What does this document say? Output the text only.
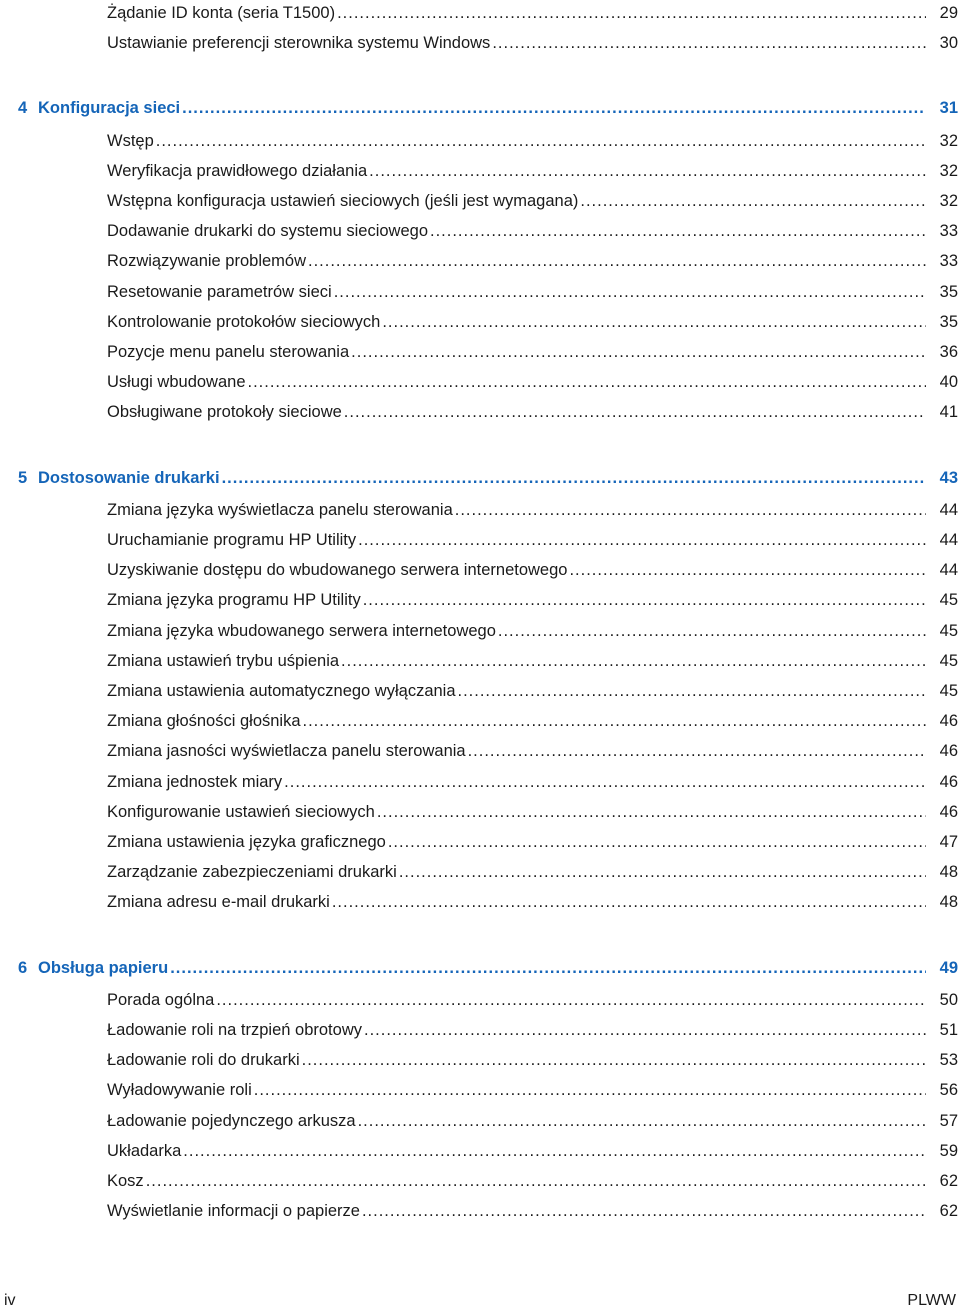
Żądanie ID konta (seria T1500) .....	29
Ustawianie preferencji sterownika systemu Windows .....	30
4 Konfiguracja sieci .....	31
Wstęp .....	32
Weryfikacja prawidłowego działania .....	32
Wstępna konfiguracja ustawień sieciowych (jeśli jest wymagana) .....	32
Dodawanie drukarki do systemu sieciowego .....	33
Rozwiązywanie problemów .....	33
Resetowanie parametrów sieci .....	35
Kontrolowanie protokołów sieciowych .....	35
Pozycje menu panelu sterowania .....	36
Usługi wbudowane .....	40
Obsługiwane protokoły sieciowe .....	41
5 Dostosowanie drukarki .....	43
Zmiana języka wyświetlacza panelu sterowania .....	44
Uruchamianie programu HP Utility .....	44
Uzyskiwanie dostępu do wbudowanego serwera internetowego .....	44
Zmiana języka programu HP Utility .....	45
Zmiana języka wbudowanego serwera internetowego .....	45
Zmiana ustawień trybu uśpienia .....	45
Zmiana ustawienia automatycznego wyłączania .....	45
Zmiana głośności głośnika .....	46
Zmiana jasności wyświetlacza panelu sterowania .....	46
Zmiana jednostek miary .....	46
Konfigurowanie ustawień sieciowych .....	46
Zmiana ustawienia języka graficznego .....	47
Zarządzanie zabezpieczeniami drukarki .....	48
Zmiana adresu e-mail drukarki .....	48
6 Obsługa papieru .....	49
Porada ogólna .....	50
Ładowanie roli na trzpień obrotowy .....	51
Ładowanie roli do drukarki .....	53
Wyładowywanie roli .....	56
Ładowanie pojedynczego arkusza .....	57
Układarka .....	59
Kosz .....	62
Wyświetlanie informacji o papierze .....	62
iv	PLWW
